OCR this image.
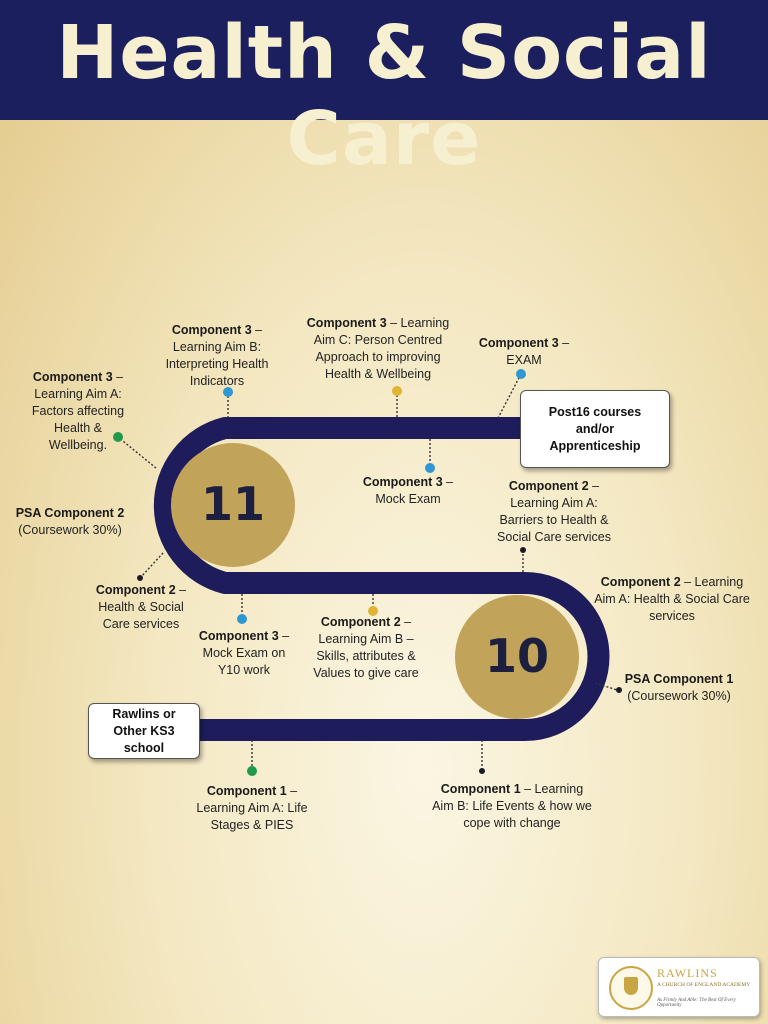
Health & Social Care
11
10
Rawlins or Other KS3 school
Post16 courses and/or Apprenticeship
Component 1 – Learning Aim A: Life Stages & PIES
Component 1 – Learning Aim B: Life Events & how we cope with change
PSA Component 1 (Coursework 30%)
Component 2 – Learning Aim A: Health & Social Care services
Component 2 – Learning Aim A: Barriers to Health & Social Care services
Component 2 – Learning Aim B – Skills, attributes & Values to give care
Component 3 – Mock Exam on Y10 work
Component 2 – Health & Social Care services
PSA Component 2 (Coursework 30%)
Component 3 – Learning Aim A: Factors affecting Health & Wellbeing.
Component 3 – Learning Aim B: Interpreting Health Indicators
Component 3 – Learning Aim C: Person Centred Approach to improving Health & Wellbeing
Component 3 – Mock Exam
Component 3 – EXAM
RAWLINS
A CHURCH OF ENGLAND ACADEMY
As Firmly And Able: The Best Of Every Opportunity
